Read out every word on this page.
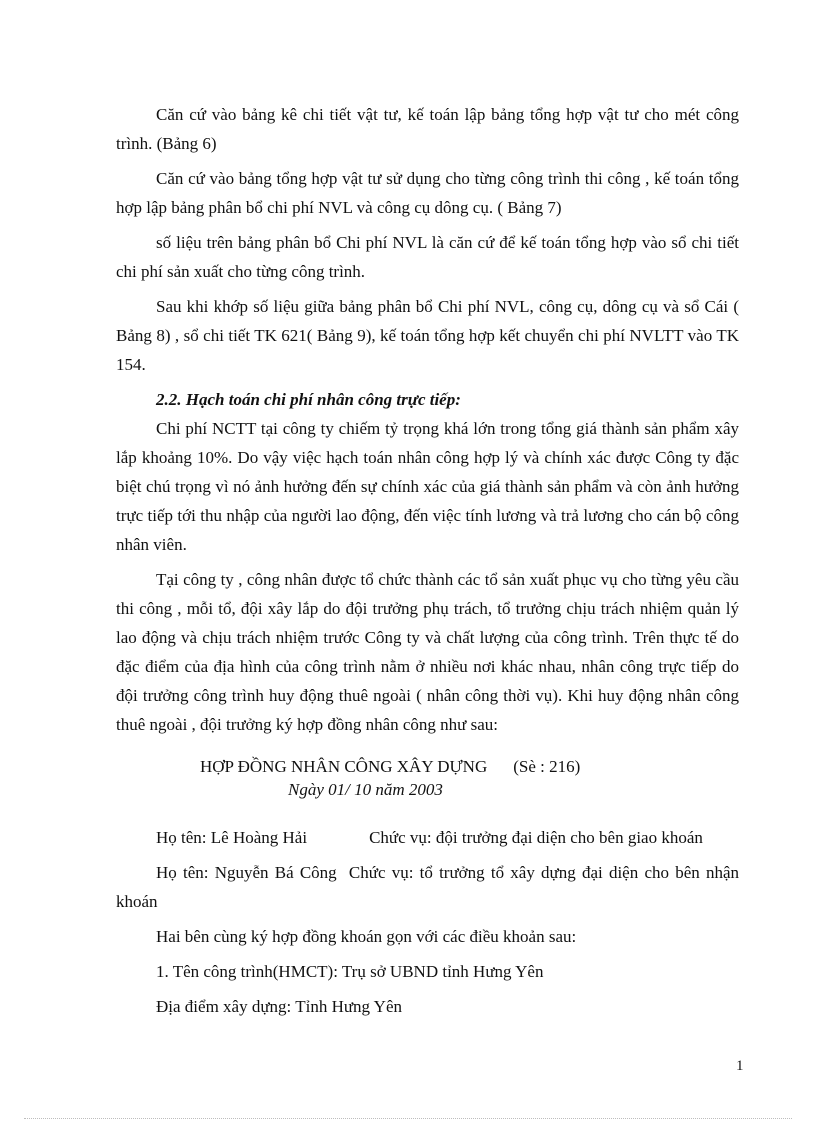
Căn cứ vào bảng kê chi tiết vật tư, kế toán lập bảng tổng hợp vật tư cho mét công trình. (Bảng 6)

Căn cứ vào bảng tổng hợp vật tư sử dụng cho từng công trình thi công , kế toán tổng hợp lập bảng phân bổ chi phí NVL và công cụ dông cụ. ( Bảng 7)

số liệu trên bảng phân bổ Chi phí NVL là căn cứ để kế toán tổng hợp vào sổ chi tiết chi phí sản xuất cho từng công trình.

Sau khi khớp số liệu giữa bảng phân bổ Chi phí NVL, công cụ, dông cụ và sổ Cái ( Bảng 8) , sổ chi tiết TK 621( Bảng 9), kế toán tổng hợp kết chuyển chi phí NVLTT vào TK 154.

2.2. Hạch toán chi phí nhân công trực tiếp:

Chi phí NCTT tại công ty chiếm tỷ trọng khá lớn trong tổng giá thành sản phẩm xây lắp khoảng 10%. Do vậy việc hạch toán nhân công hợp lý và chính xác được Công ty đặc biệt chú trọng vì nó ảnh hưởng đến sự chính xác của giá thành sản phẩm và còn ảnh hưởng trực tiếp tới thu nhập của người lao động, đến việc tính lương và trả lương cho cán bộ công nhân viên.

Tại công ty , công nhân được tổ chức thành các tổ sản xuất phục vụ cho từng yêu cầu thi công , mỗi tổ, đội xây lắp do đội trưởng phụ trách, tổ trưởng chịu trách nhiệm quản lý lao động và chịu trách nhiệm trước Công ty và chất lượng của công trình. Trên thực tế do đặc điểm của địa hình của công trình nằm ở nhiều nơi khác nhau, nhân công trực tiếp do đội trưởng công trình huy động thuê ngoài ( nhân công thời vụ). Khi huy động nhân công thuê ngoài , đội trưởng ký hợp đồng nhân công như sau:

HỢP ĐỒNG NHÂN CÔNG XÂY DỰNG (Sè : 216)
Ngày 01/ 10 năm 2003

Họ tên: Lê Hoàng Hải	Chức vụ: đội trưởng đại diện cho bên giao khoán

Họ tên: Nguyễn Bá Công Chức vụ: tổ trưởng tổ xây dựng đại diện cho bên nhận khoán

Hai bên cùng ký hợp đồng khoán gọn với các điều khoản sau:

1. Tên công trình(HMCT): Trụ sở UBND tỉnh Hưng Yên

Địa điểm xây dựng: Tỉnh Hưng Yên

1
